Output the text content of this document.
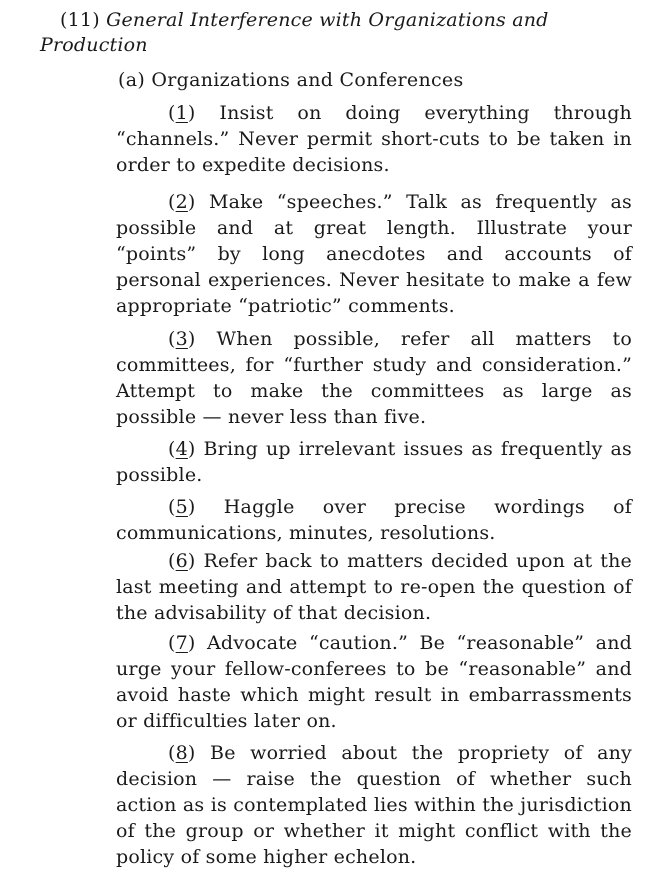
(11) General Interference with Organizations and Production
(a) Organizations and Conferences

(1) Insist on doing everything through “channels.” Never permit short-cuts to be taken in order to expedite decisions.

(2) Make “speeches.” Talk as frequently as possible and at great length. Illustrate your “points” by long anecdotes and accounts of personal experiences. Never hesitate to make a few appropriate “patriotic” comments.

(3) When possible, refer all matters to committees, for “further study and consideration.” Attempt to make the committees as large as possible — never less than five.

(4) Bring up irrelevant issues as frequently as possible.

(5) Haggle over precise wordings of communications, minutes, resolutions.

(6) Refer back to matters decided upon at the last meeting and attempt to re-open the question of the advisability of that decision.

(7) Advocate “caution.” Be “reasonable” and urge your fellow-conferees to be “reasonable” and avoid haste which might result in embarrassments or difficulties later on.

(8) Be worried about the propriety of any decision — raise the question of whether such action as is contemplated lies within the jurisdiction of the group or whether it might conflict with the policy of some higher echelon.
